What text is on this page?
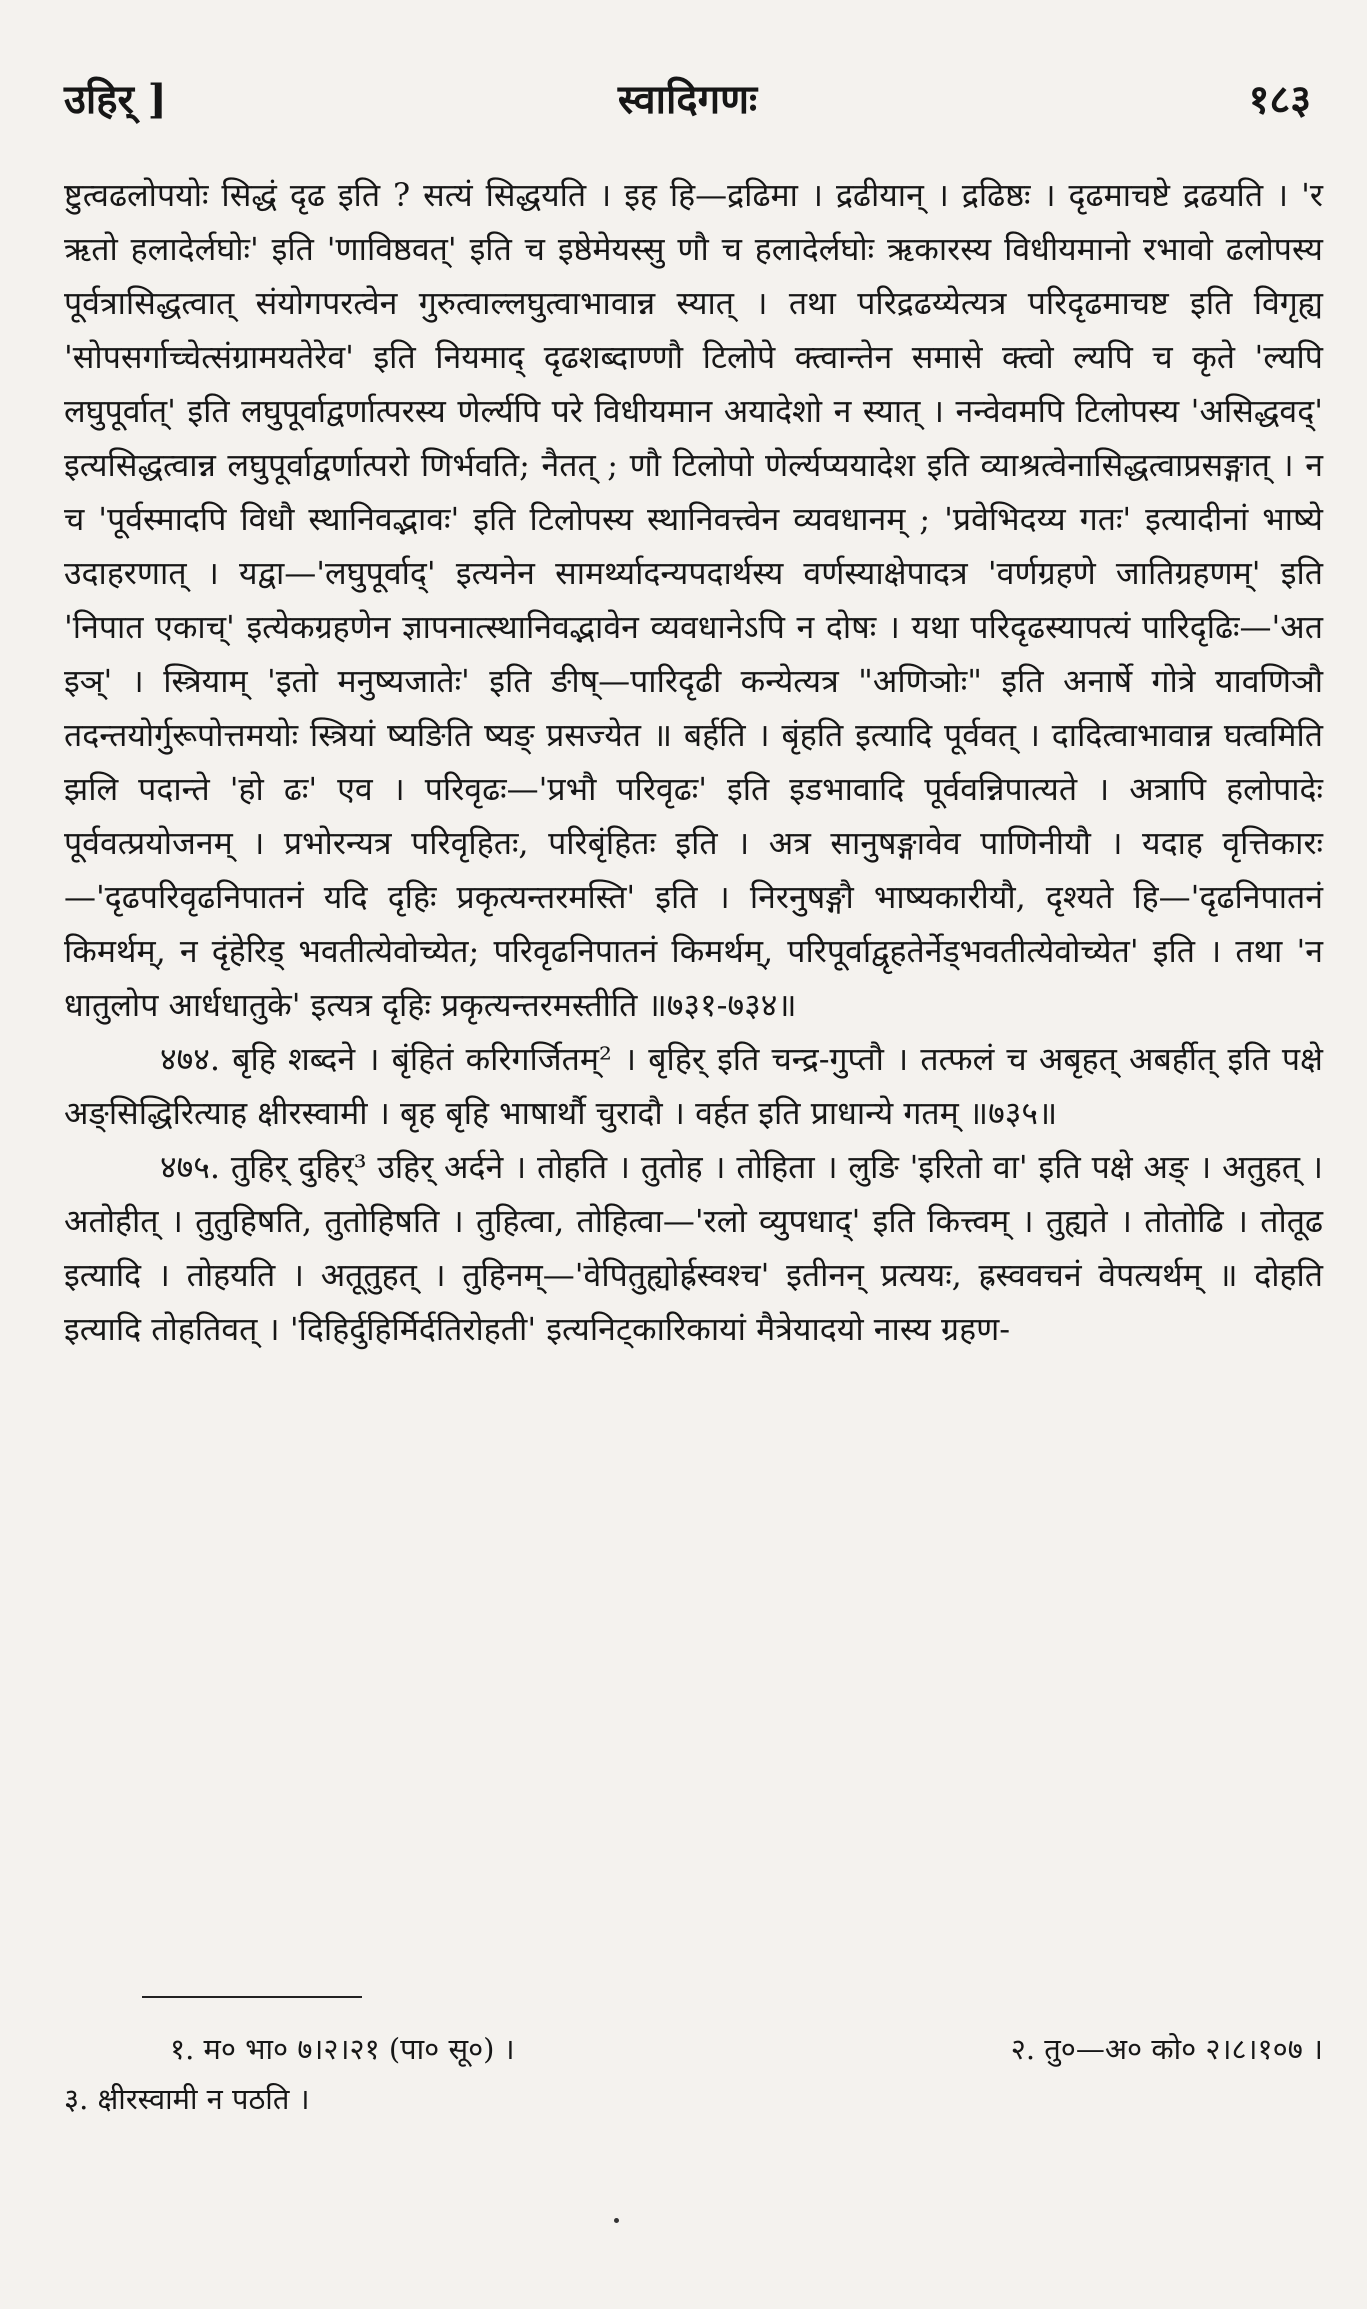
उहिर् ]	स्वादिगणः	१८३

ष्टुत्वढलोपयोः सिद्धं दृढ इति ? सत्यं सिद्धयति । इह हि—द्रढिमा । द्रढीयान् । द्रढिष्ठः । दृढमाचष्टे द्रढयति । 'र ऋतो हलादेर्लघोः' इति 'णाविष्ठवत्' इति च इष्ठेमेयस्सु णौ च हलादेर्लघोः ऋकारस्य विधीयमानो रभावो ढलोपस्य पूर्वत्रासिद्धत्वात् संयोगपरत्वेन गुरुत्वाल्लघुत्वाभावान्न स्यात् । तथा परिद्रढय्येत्यत्र परिदृढमाचष्ट इति विगृह्य 'सोपसर्गाच्चेत्संग्रामयतेरेव' इति नियमाद् दृढशब्दाण्णौ टिलोपे क्त्वान्तेन समासे क्त्वो ल्यपि च कृते 'ल्यपि लघुपूर्वात्' इति लघुपूर्वाद्वर्णात्परस्य णेर्ल्यपि परे विधीयमान अयादेशो न स्यात् । नन्वेवमपि टिलोपस्य 'असिद्धवद्' इत्यसिद्धत्वान्न लघुपूर्वाद्वर्णात्परो णिर्भवति; नैतत् ; णौ टिलोपो णेर्ल्यप्ययादेश इति व्याश्रत्वेनासिद्धत्वाप्रसङ्गात् । न च 'पूर्वस्मादपि विधौ स्थानिवद्भावः' इति टिलोपस्य स्थानिवत्त्वेन व्यवधानम् ; 'प्रवेभिदय्य गतः' इत्यादीनां भाष्ये उदाहरणात् । यद्वा—'लघुपूर्वाद्' इत्यनेन सामर्थ्यादन्यपदार्थस्य वर्णस्याक्षेपादत्र 'वर्णग्रहणे जातिग्रहणम्' इति 'निपात एकाच्' इत्येकग्रहणेन ज्ञापनात्स्थानिवद्भावेन व्यवधानेऽपि न दोषः । यथा परिदृढस्यापत्यं पारिदृढिः—'अत इञ्' । स्त्रियाम् 'इतो मनुष्यजातेः' इति ङीष्—पारिदृढी कन्येत्यत्र "अणिञोः" इति अनार्षे गोत्रे यावणिञौ तदन्तयोर्गुरूपोत्तमयोः स्त्रियां ष्यङिति ष्यङ् प्रसज्येत ॥ बर्हति । बृंहति इत्यादि पूर्ववत् । दादित्वाभावान्न घत्वमिति झलि पदान्ते 'हो ढः' एव । परिवृढः—'प्रभौ परिवृढः' इति इडभावादि पूर्ववन्निपात्यते । अत्रापि हलोपादेः पूर्ववत्प्रयोजनम् । प्रभोरन्यत्र परिवृहितः, परिबृंहितः इति । अत्र सानुषङ्गावेव पाणिनीयौ । यदाह वृत्तिकारः—'दृढपरिवृढनिपातनं यदि दृहिः प्रकृत्यन्तरमस्ति' इति । निरनुषङ्गौ भाष्यकारीयौ, दृश्यते हि—'दृढनिपातनं किमर्थम्, न दृंहेरिड् भवतीत्येवोच्येत; परिवृढनिपातनं किमर्थम्, परिपूर्वाद्वृहतेर्नेड्भवतीत्येवोच्येत' इति । तथा 'न धातुलोप आर्धधातुके' इत्यत्र दृहिः प्रकृत्यन्तरमस्तीति ॥७३१-७३४॥

४७४. बृहि शब्दने । बृंहितं करिगर्जितम्² । बृहिर् इति चन्द्र-गुप्तौ । तत्फलं च अबृहत् अबर्हीत् इति पक्षे अङ्सिद्धिरित्याह क्षीरस्वामी । बृह बृहि भाषार्थौ चुरादौ । वर्हत इति प्राधान्ये गतम् ॥७३५॥

४७५. तुहिर् दुहिर्³ उहिर् अर्दने । तोहति । तुतोह । तोहिता । लुङि 'इरितो वा' इति पक्षे अङ् । अतुहत् । अतोहीत् । तुतुहिषति, तुतोहिषति । तुहित्वा, तोहित्वा—'रलो व्युपधाद्' इति कित्त्वम् । तुह्यते । तोतोढि । तोतूढ इत्यादि । तोहयति । अतूतुहत् । तुहिनम्—'वेपितुह्योर्ह्रस्वश्च' इतीनन् प्रत्ययः, ह्रस्ववचनं वेपत्यर्थम् ॥ दोहति इत्यादि तोहतिवत् । 'दिहिर्दुहिर्मिर्दतिरोहती' इत्यनिट्कारिकायां मैत्रेयादयो नास्य ग्रहण-

१. म० भा० ७।२।२१ (पा० सू०) ।	२. तु०—अ० को० २।८।१०७ ।
३. क्षीरस्वामी न पठति ।
